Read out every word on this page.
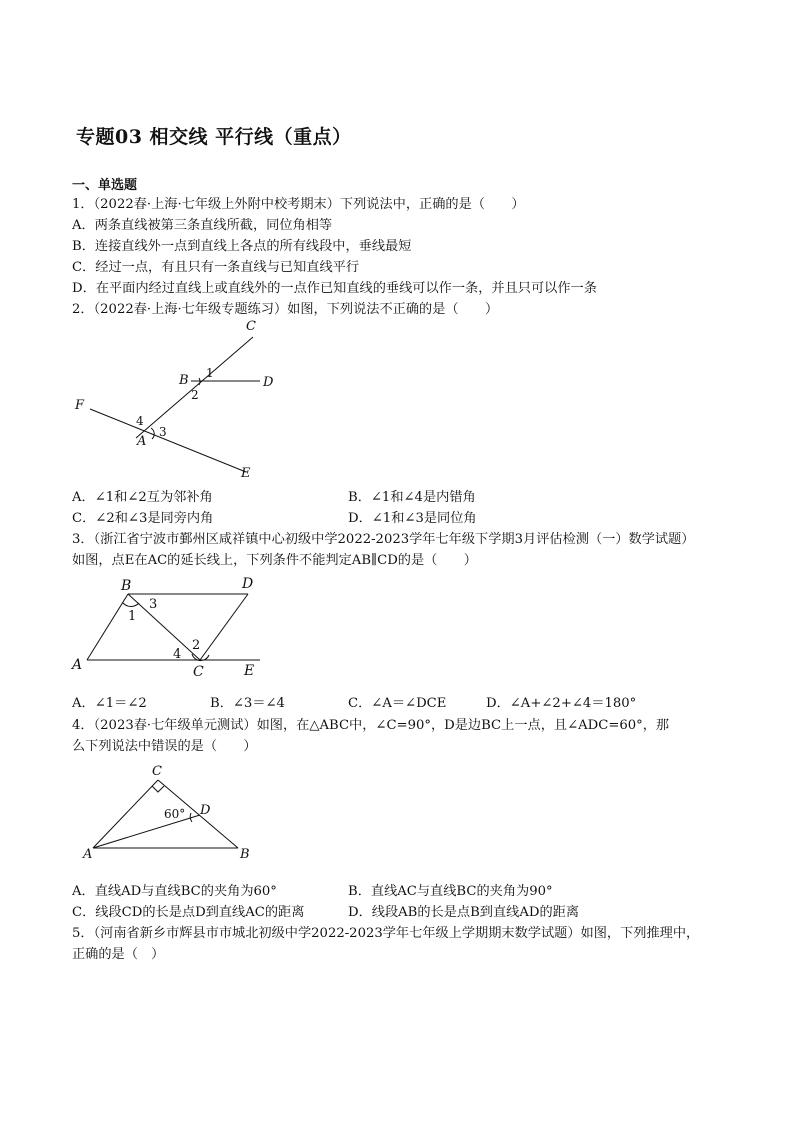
专题03 相交线 平行线（重点）
一、单选题
1．（2022春·上海·七年级上外附中校考期末）下列说法中，正确的是（　　）
A．两条直线被第三条直线所截，同位角相等
B．连接直线外一点到直线上各点的所有线段中，垂线最短
C．经过一点，有且只有一条直线与已知直线平行
D．在平面内经过直线上或直线外的一点作已知直线的垂线可以作一条，并且只可以作一条
2．（2022春·上海·七年级专题练习）如图，下列说法不正确的是（　　）
C
B 1
D
2
F
4
A
3
E
A．∠1和∠2互为邻补角	B．∠1和∠4是内错角
C．∠2和∠3是同旁内角	D．∠1和∠3是同位角
3．（浙江省宁波市鄞州区咸祥镇中心初级中学2022-2023学年七年级下学期3月评估检测（一）数学试题）
如图，点E在AC的延长线上，下列条件不能判定AB∥CD的是（　　）
B	D
3
1
2
4
A	C	E
A．∠1＝∠2	B．∠3＝∠4	C．∠A＝∠DCE	D．∠A+∠2+∠4＝180°
4．（2023春·七年级单元测试）如图，在△ABC中，∠C=90°，D是边BC上一点，且∠ADC=60°，那
么下列说法中错误的是（　　）
C
60° D
A	B
A．直线AD与直线BC的夹角为60°	B．直线AC与直线BC的夹角为90°
C．线段CD的长是点D到直线AC的距离	D．线段AB的长是点B到直线AD的距离
5．（河南省新乡市辉县市市城北初级中学2022-2023学年七年级上学期期末数学试题）如图，下列推理中，
正确的是（　）
